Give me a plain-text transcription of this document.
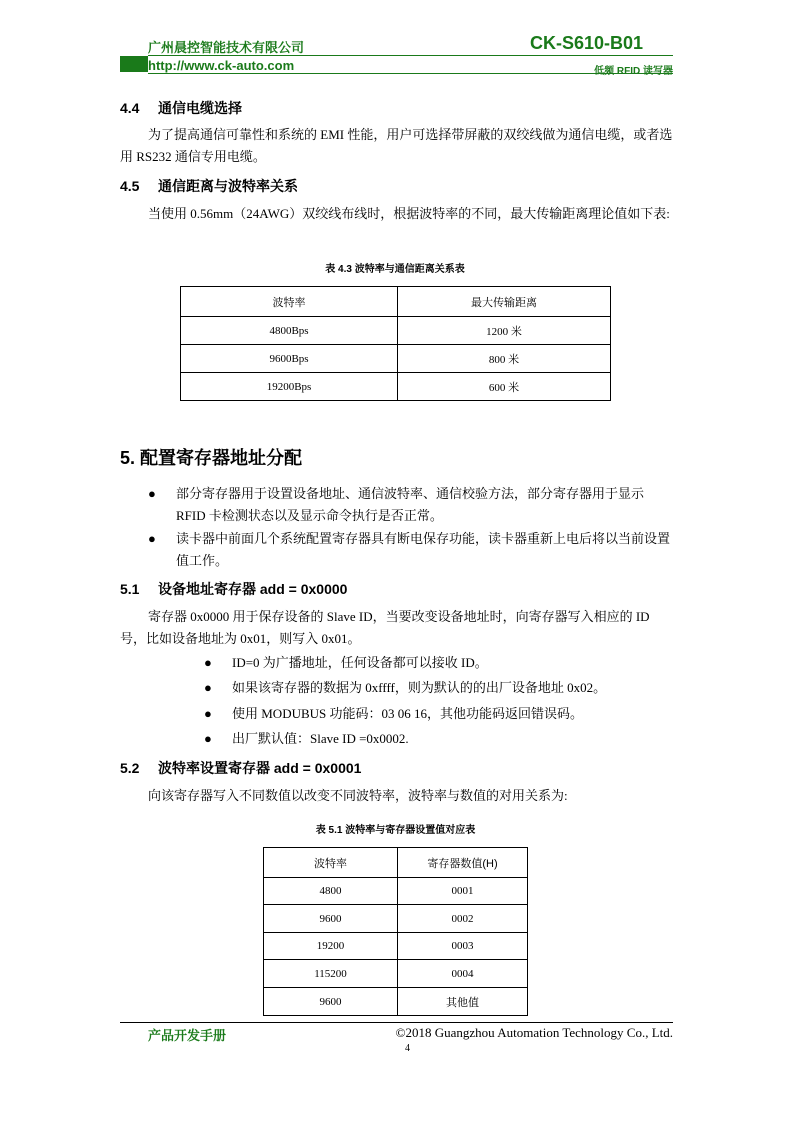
广州晨控智能技术有限公司	CK-S610-B01
http://www.ck-auto.com	低频 RFID 读写器
4.4 通信电缆选择
为了提高通信可靠性和系统的 EMI 性能，用户可选择带屏蔽的双绞线做为通信电缆，或者选用 RS232 通信专用电缆。
4.5 通信距离与波特率关系
当使用 0.56mm（24AWG）双绞线布线时，根据波特率的不同，最大传输距离理论值如下表:
表 4.3 波特率与通信距离关系表
波特率	最大传输距离
4800Bps	1200 米
9600Bps	800 米
19200Bps	600 米
5. 配置寄存器地址分配
● 部分寄存器用于设置设备地址、通信波特率、通信校验方法，部分寄存器用于显示 RFID 卡检测状态以及显示命令执行是否正常。
● 读卡器中前面几个系统配置寄存器具有断电保存功能，读卡器重新上电后将以当前设置值工作。
5.1 设备地址寄存器 add = 0x0000
寄存器 0x0000 用于保存设备的 Slave ID，当要改变设备地址时，向寄存器写入相应的 ID 号，比如设备地址为 0x01，则写入 0x01。
● ID=0 为广播地址，任何设备都可以接收 ID。
● 如果该寄存器的数据为 0xffff，则为默认的的出厂设备地址 0x02。
● 使用 MODUBUS 功能码：03 06 16，其他功能码返回错误码。
● 出厂默认值：Slave ID =0x0002.
5.2 波特率设置寄存器 add = 0x0001
向该寄存器写入不同数值以改变不同波特率，波特率与数值的对用关系为:
表 5.1 波特率与寄存器设置值对应表
波特率	寄存器数值(H)
4800	0001
9600	0002
19200	0003
115200	0004
9600	其他值
产品开发手册	©2018 Guangzhou Automation Technology Co., Ltd.
4
